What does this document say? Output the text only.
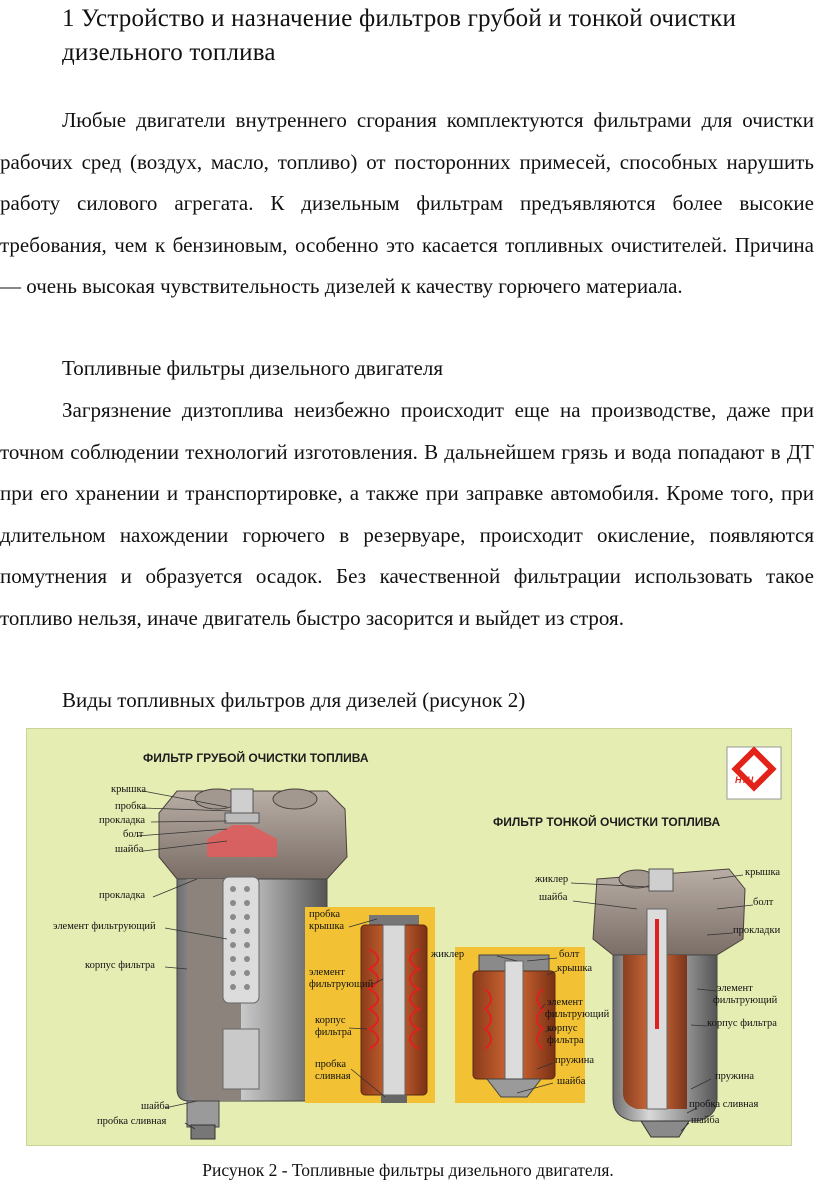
1 Устройство и назначение фильтров грубой и тонкой очистки дизельного топлива

Любые двигатели внутреннего сгорания комплектуются фильтрами для очистки рабочих сред (воздух, масло, топливо) от посторонних примесей, способных нарушить работу силового агрегата. К дизельным фильтрам предъявляются более высокие требования, чем к бензиновым, особенно это касается топливных очистителей. Причина — очень высокая чувствительность дизелей к качеству горючего материала.

Топливные фильтры дизельного двигателя

Загрязнение дизтоплива неизбежно происходит еще на производстве, даже при точном соблюдении технологий изготовления. В дальнейшем грязь и вода попадают в ДТ при его хранении и транспортировке, а также при заправке автомобиля. Кроме того, при длительном нахождении горючего в резервуаре, происходит окисление, появляются помутнения и образуется осадок. Без качественной фильтрации использовать такое топливо нельзя, иначе двигатель быстро засорится и выйдет из строя.

Виды топливных фильтров для дизелей (рисунок 2)
ФИЛЬТР ГРУБОЙ ОЧИСТКИ ТОПЛИВА
ФИЛЬТР ТОНКОЙ ОЧИСТКИ ТОПЛИВА
НТЦ
крышка
пробка
прокладка
болт
шайба
прокладка
элемент фильтрующий
корпус фильтра
шайба
пробка сливная
пробка
крышка
элемент
фильтрующий
корпус
фильтра
пробка
сливная
жиклер	болт
крышка
элемент
фильтрующий
корпус
фильтра
пружина
шайба
жиклер
шайба
крышка
болт
прокладки
элемент
фильтрующий
корпус фильтра
пружина
пробка сливная
шайба
Рисунок 2 - Топливные фильтры дизельного двигателя.
